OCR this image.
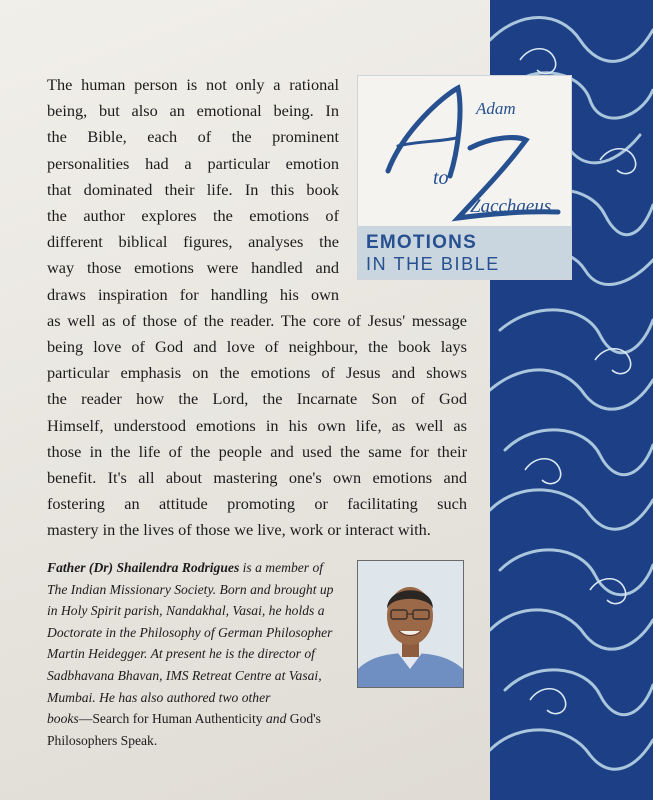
Adam
to
Zacchaeus
EMOTIONS
IN THE BIBLE
The human person is not only a rational
being, but also an emotional being. In
the Bible, each of the prominent
personalities had a particular emotion
that dominated their life. In this book
the author explores the emotions of
different biblical figures, analyses the
way those emotions were handled and
draws inspiration for handling his own
as well as of those of the reader. The core of Jesus' message
being love of God and love of neighbour, the book lays
particular emphasis on the emotions of Jesus and shows
the reader how the Lord, the Incarnate Son of God
Himself, understood emotions in his own life, as well as
those in the life of the people and used the same for their
benefit. It's all about mastering one's own emotions and
fostering an attitude promoting or facilitating such
mastery in the lives of those we live, work or interact with.
Father (Dr) Shailendra Rodrigues is a member of
The Indian Missionary Society. Born and brought up
in Holy Spirit parish, Nandakhal, Vasai, he holds a
Doctorate in the Philosophy of German Philosopher
Martin Heidegger. At present he is the director of
Sadbhavana Bhavan, IMS Retreat Centre at Vasai,
Mumbai. He has also authored two other
books—Search for Human Authenticity and God's
Philosophers Speak.
